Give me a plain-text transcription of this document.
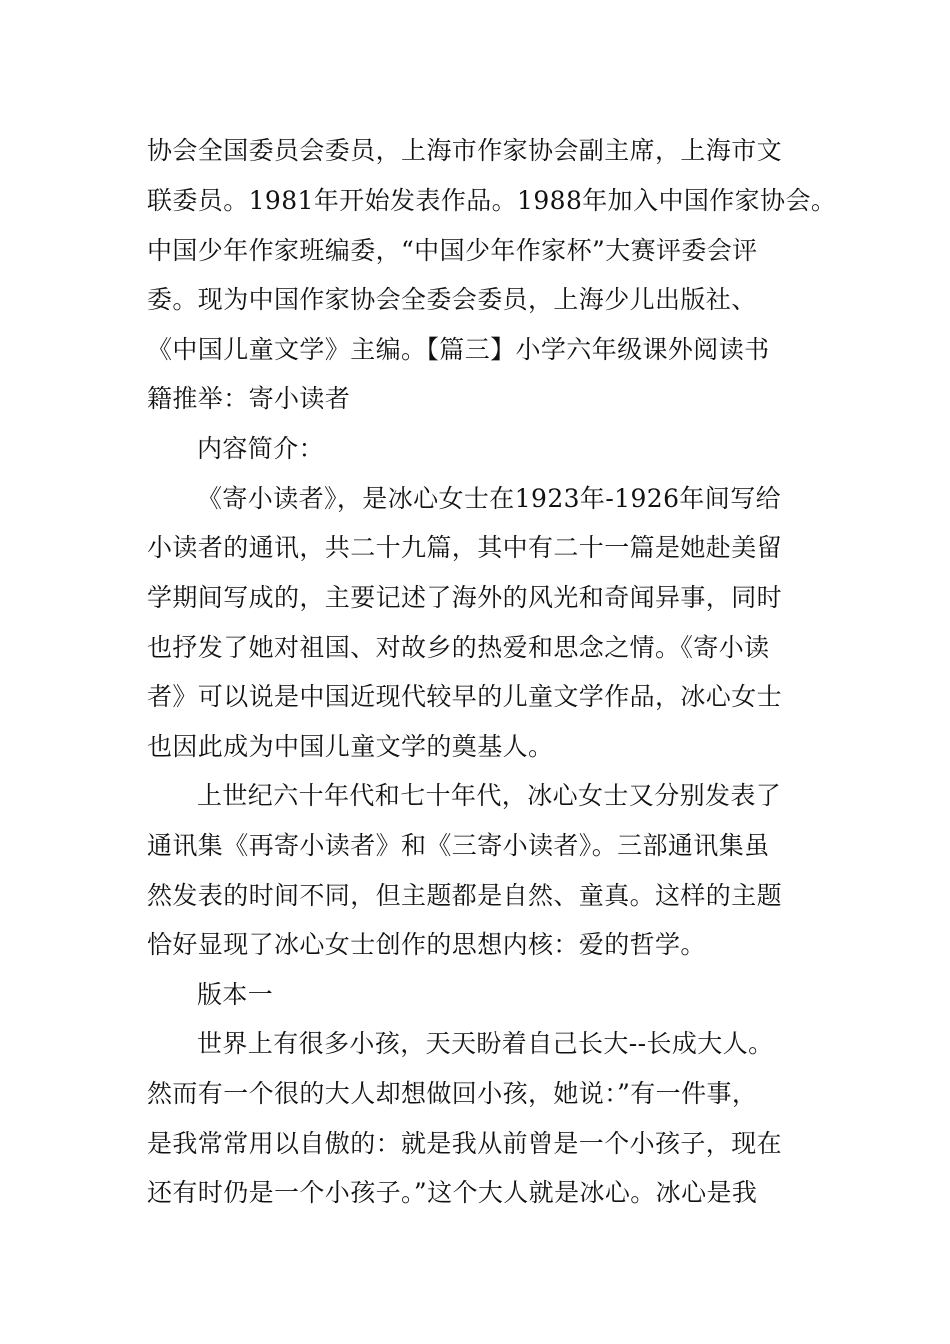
协会全国委员会委员，上海市作家协会副主席，上海市文
联委员。1981年开始发表作品。1988年加入中国作家协会。
中国少年作家班编委，“中国少年作家杯”大赛评委会评
委。现为中国作家协会全委会委员，上海少儿出版社、
《中国儿童文学》主编。【篇三】小学六年级课外阅读书
籍推举：寄小读者
内容简介：
《寄小读者》，是冰心女士在1923年-1926年间写给
小读者的通讯，共二十九篇，其中有二十一篇是她赴美留
学期间写成的，主要记述了海外的风光和奇闻异事，同时
也抒发了她对祖国、对故乡的热爱和思念之情。《寄小读
者》可以说是中国近现代较早的儿童文学作品，冰心女士
也因此成为中国儿童文学的奠基人。
上世纪六十年代和七十年代，冰心女士又分别发表了
通讯集《再寄小读者》和《三寄小读者》。三部通讯集虽
然发表的时间不同，但主题都是自然、童真。这样的主题
恰好显现了冰心女士创作的思想内核：爱的哲学。
版本一
世界上有很多小孩，天天盼着自己长大--长成大人。
然而有一个很的大人却想做回小孩，她说：”有一件事，
是我常常用以自傲的：就是我从前曾是一个小孩子，现在
还有时仍是一个小孩子。”这个大人就是冰心。冰心是我
